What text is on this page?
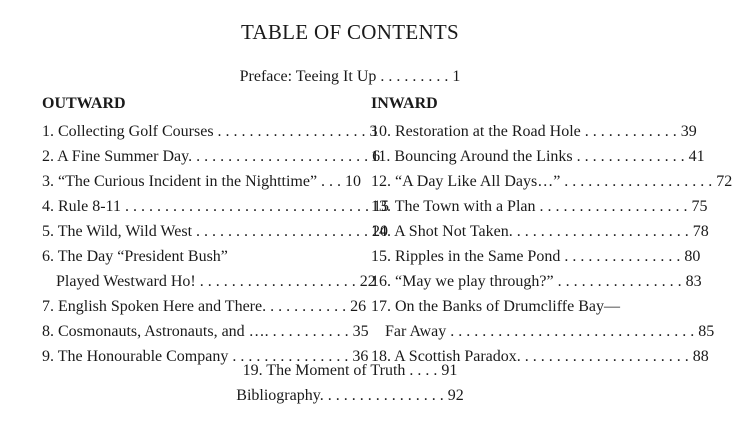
TABLE OF CONTENTS
Preface: Teeing It Up . . . . . . . . . 1
OUTWARD	INWARD
1. Collecting Golf Courses . . . . . . . . . . . . . . . . . . . 3
2. A Fine Summer Day. . . . . . . . . . . . . . . . . . . . . . . 6
3. “The Curious Incident in the Nighttime” . . . 10
4. Rule 8-11 . . . . . . . . . . . . . . . . . . . . . . . . . . . . . . . 15
5. The Wild, Wild West . . . . . . . . . . . . . . . . . . . . . . 20
6. The Day “President Bush”
Played Westward Ho! . . . . . . . . . . . . . . . . . . . . 22
7. English Spoken Here and There. . . . . . . . . . . 26
8. Cosmonauts, Astronauts, and …. . . . . . . . . . . 35
9. The Honourable Company . . . . . . . . . . . . . . . 36
10. Restoration at the Road Hole . . . . . . . . . . . . 39
11. Bouncing Around the Links . . . . . . . . . . . . . . 41
12. “A Day Like All Days…” . . . . . . . . . . . . . . . . . . . 72
13. The Town with a Plan . . . . . . . . . . . . . . . . . . . 75
14. A Shot Not Taken. . . . . . . . . . . . . . . . . . . . . . . 78
15. Ripples in the Same Pond . . . . . . . . . . . . . . . 80
16. “May we play through?” . . . . . . . . . . . . . . . . 83
17. On the Banks of Drumcliffe Bay—
Far Away . . . . . . . . . . . . . . . . . . . . . . . . . . . . . . . 85
18. A Scottish Paradox. . . . . . . . . . . . . . . . . . . . . . 88
19. The Moment of Truth . . . . 91
Bibliography. . . . . . . . . . . . . . . . 92
